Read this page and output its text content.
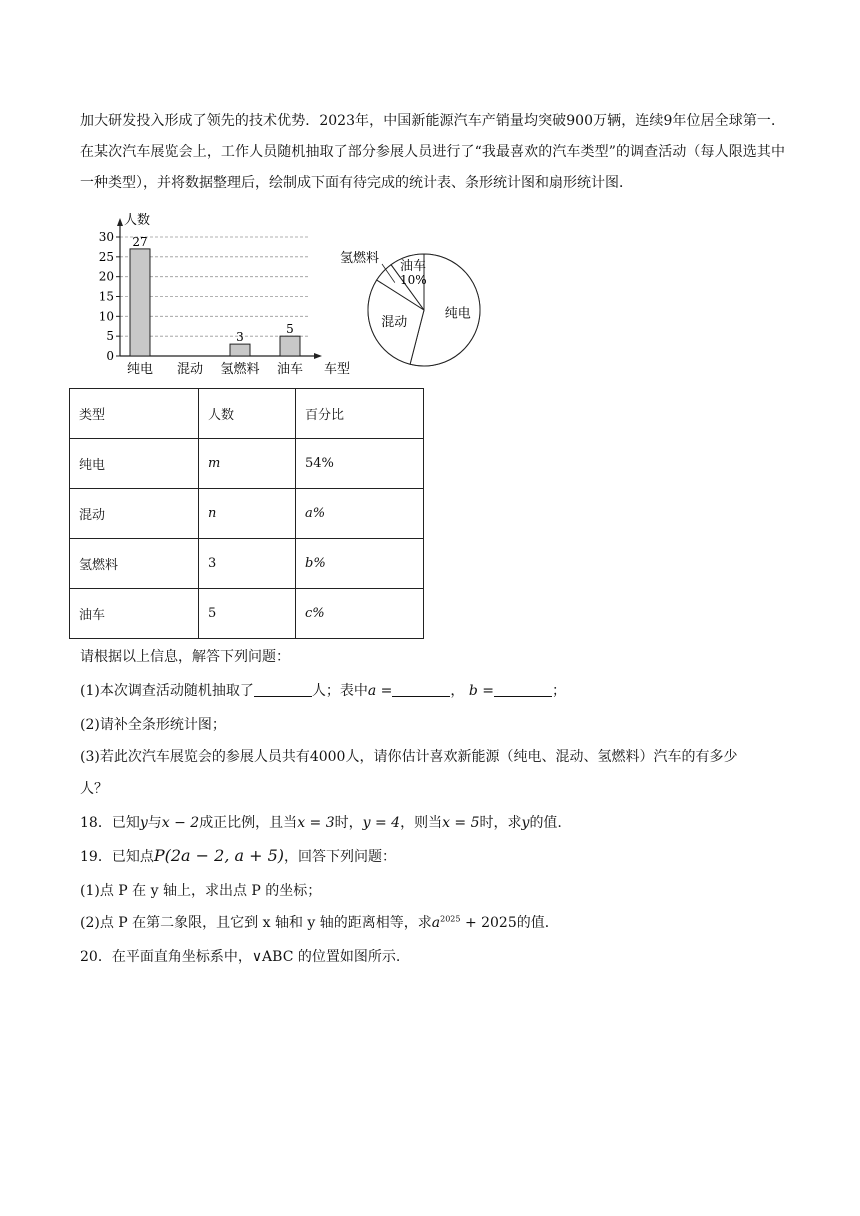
加大研发投入形成了领先的技术优势．2023年，中国新能源汽车产销量均突破900万辆，连续9年位居全球第一．在某次汽车展览会上，工作人员随机抽取了部分参展人员进行了“我最喜欢的汽车类型”的调查活动（每人限选其中一种类型），并将数据整理后，绘制成下面有待完成的统计表、条形统计图和扇形统计图．

0
5
10
15
20
25
30
人数
车型
纯电
27
混动 氢燃料
3
油车
5
纯电
混动
氢燃料
油车
10%
类型	人数	百分比
纯电	m	54%
混动	n	a%
氢燃料	3	b%
油车	5	c%
请根据以上信息，解答下列问题：
(1)本次调查活动随机抽取了	人；表中a =	， b =	；
(2)请补全条形统计图；
(3)若此次汽车展览会的参展人员共有4000人，请你估计喜欢新能源（纯电、混动、氢燃料）汽车的有多少
人？
18．已知y与x − 2成正比例，且当x = 3时，y = 4，则当x = 5时，求y的值.
19．已知点P(2a − 2, a + 5)，回答下列问题：
(1)点 P 在 y 轴上，求出点 P 的坐标；
(2)点 P 在第二象限，且它到 x 轴和 y 轴的距离相等，求$a^{2025} + 2025$的值．
20．在平面直角坐标系中，∨ABC 的位置如图所示.
